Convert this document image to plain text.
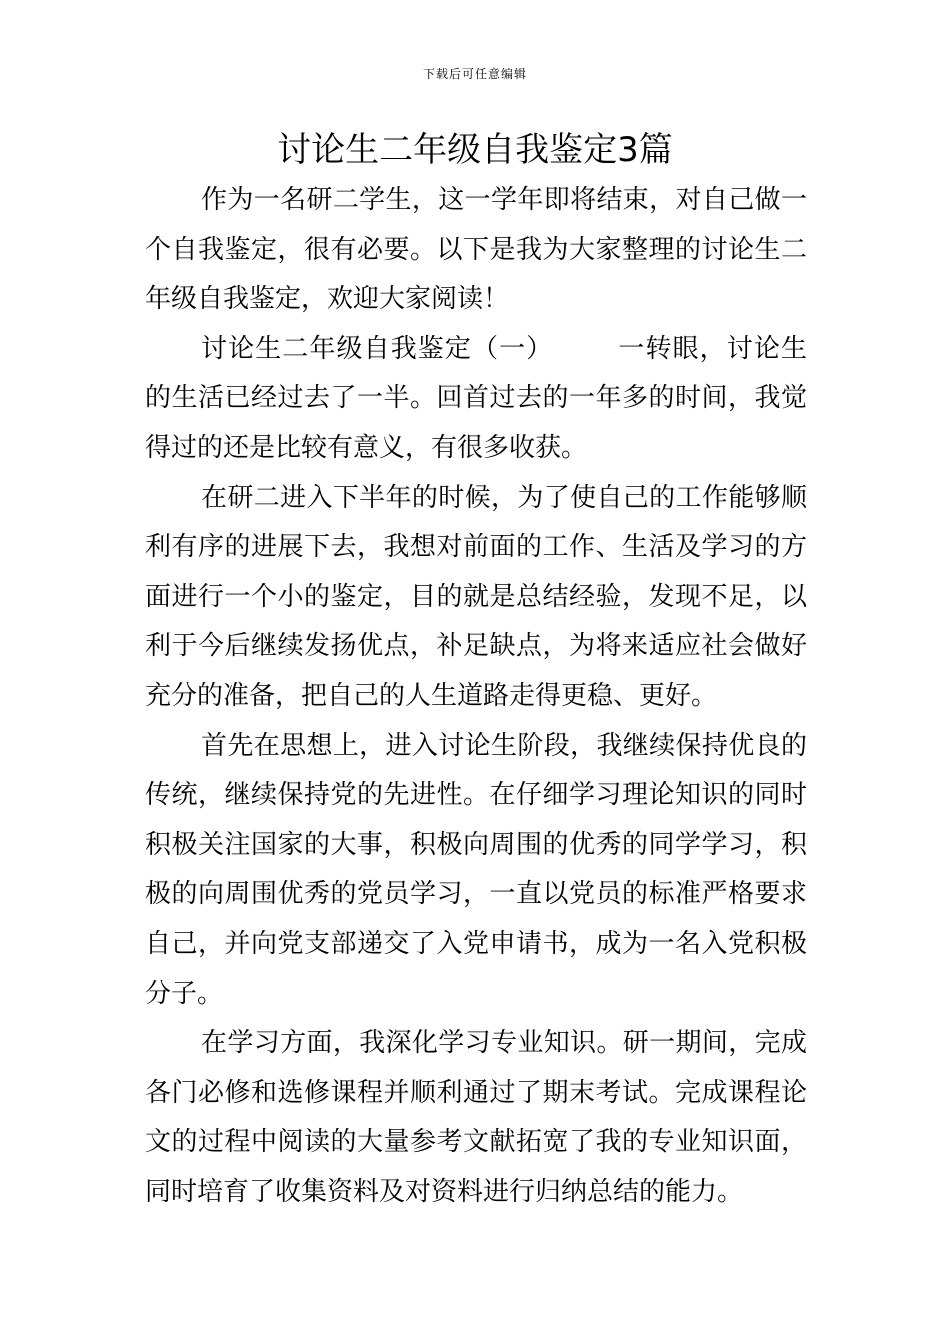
下载后可任意编辑
讨论生二年级自我鉴定3篇

作为一名研二学生，这一学年即将结束，对自己做一个自我鉴定，很有必要。以下是我为大家整理的讨论生二年级自我鉴定，欢迎大家阅读！

讨论生二年级自我鉴定（一） 一转眼，讨论生的生活已经过去了一半。回首过去的一年多的时间，我觉得过的还是比较有意义，有很多收获。

在研二进入下半年的时候，为了使自己的工作能够顺利有序的进展下去，我想对前面的工作、生活及学习的方面进行一个小的鉴定，目的就是总结经验，发现不足，以利于今后继续发扬优点，补足缺点，为将来适应社会做好充分的准备，把自己的人生道路走得更稳、更好。

首先在思想上，进入讨论生阶段，我继续保持优良的传统，继续保持党的先进性。在仔细学习理论知识的同时积极关注国家的大事，积极向周围的优秀的同学学习，积极的向周围优秀的党员学习，一直以党员的标准严格要求自己，并向党支部递交了入党申请书，成为一名入党积极分子。

在学习方面，我深化学习专业知识。研一期间，完成各门必修和选修课程并顺利通过了期末考试。完成课程论文的过程中阅读的大量参考文献拓宽了我的专业知识面，同时培育了收集资料及对资料进行归纳总结的能力。
